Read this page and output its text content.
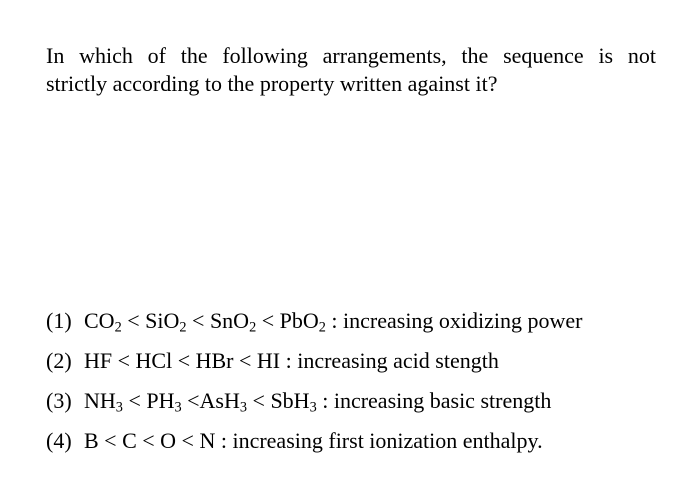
In which of the following arrangements, the sequence is not
strictly according to the property written against it?
(1) $CO_2 < SiO_2 < SnO_2 < PbO_2$ : increasing oxidizing power
(2) HF < HCl < HBr < HI : increasing acid stength
(3) $NH_3 < PH_3 <AsH_3 < SbH_3$ : increasing basic strength
(4) B < C < O < N : increasing first ionization enthalpy.
